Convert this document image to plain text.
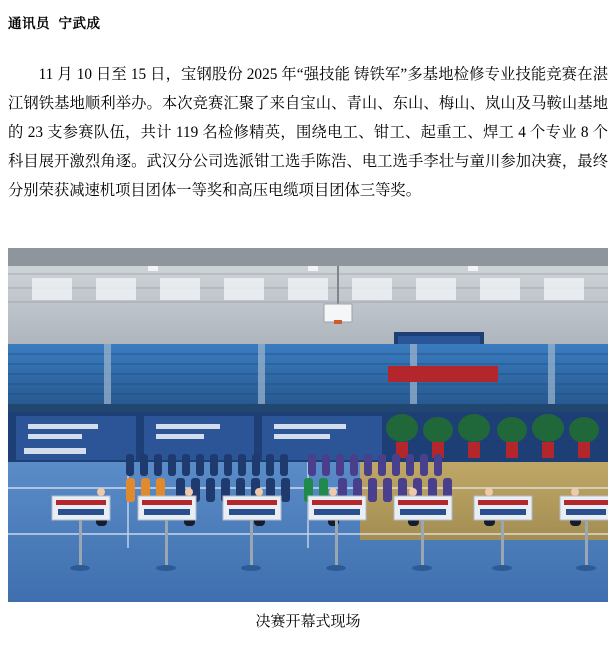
通讯员  宁武成
11 月 10 日至 15 日，宝钢股份 2025 年“强技能 铸铁军”多基地检修专业技能竞赛在湛江钢铁基地顺利举办。本次竞赛汇聚了来自宝山、青山、东山、梅山、岚山及马鞍山基地的 23 支参赛队伍，共计 119 名检修精英，围绕电工、钳工、起重工、焊工 4 个专业 8 个科目展开激烈角逐。武汉分公司选派钳工选手陈浩、电工选手李壮与童川参加决赛，最终分别荣获减速机项目团体一等奖和高压电缆项目团体三等奖。
决赛开幕式现场
